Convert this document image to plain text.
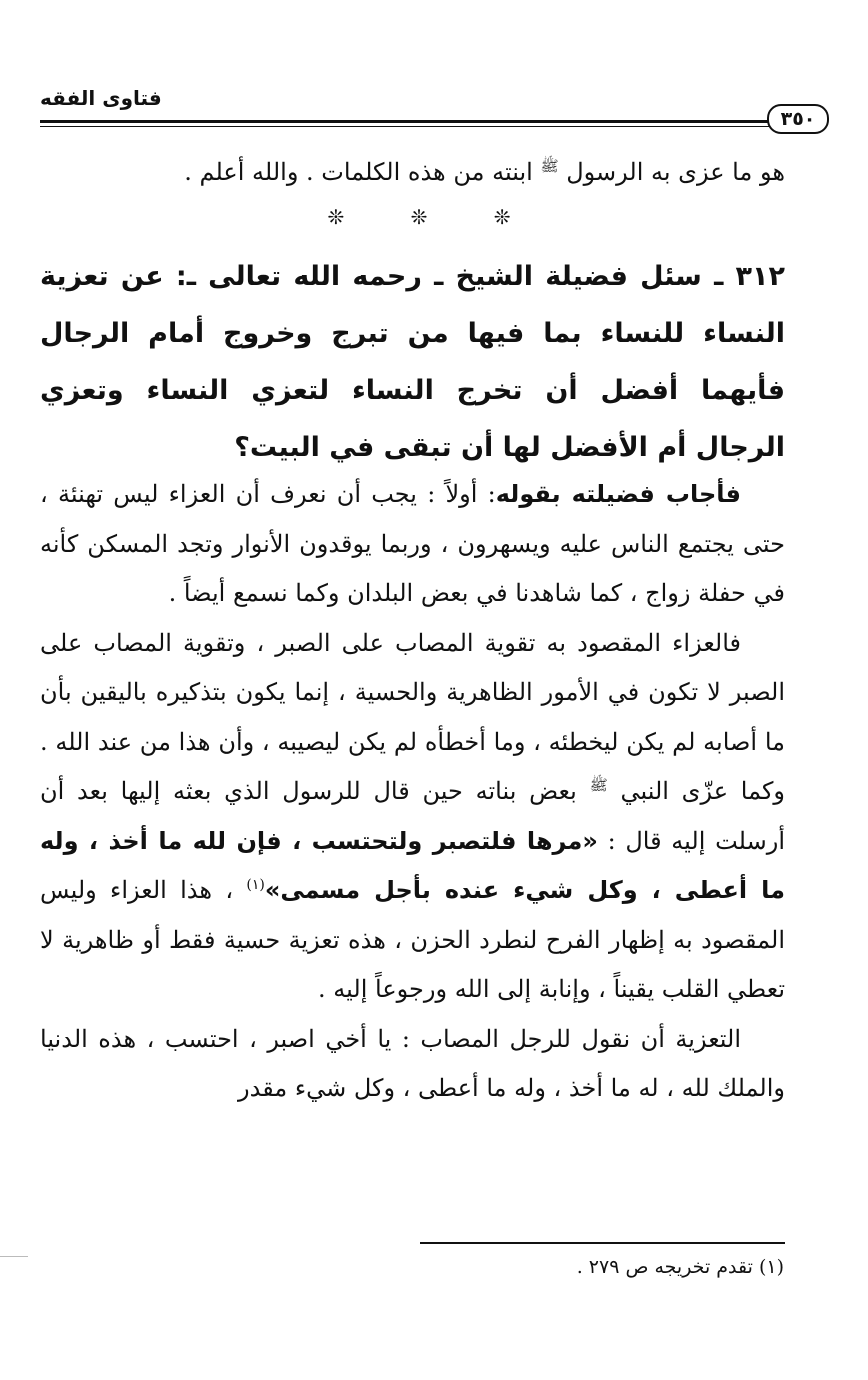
فتاوى الفقه
٣٥٠
هو ما عزى به الرسول $^ﷺ$ ابنته من هذه الكلمات . والله أعلم .
❊ ❊ ❊
٣١٢ ـ سئل فضيلة الشيخ ـ رحمه الله تعالى ـ: عن تعزية النساء للنساء بما فيها من تبرج وخروج أمام الرجال فأيهما أفضل أن تخرج النساء لتعزي النساء وتعزي الرجال أم الأفضل لها أن تبقى في البيت؟

فأجاب فضيلته بقوله: أولاً : يجب أن نعرف أن العزاء ليس تهنئة ، حتى يجتمع الناس عليه ويسهرون ، وربما يوقدون الأنوار وتجد المسكن كأنه في حفلة زواج ، كما شاهدنا في بعض البلدان وكما نسمع أيضاً .

فالعزاء المقصود به تقوية المصاب على الصبر ، وتقوية المصاب على الصبر لا تكون في الأمور الظاهرية والحسية ، إنما يكون بتذكيره باليقين بأن ما أصابه لم يكن ليخطئه ، وما أخطأه لم يكن ليصيبه ، وأن هذا من عند الله . وكما عزّى النبي $^ﷺ$ بعض بناته حين قال للرسول الذي بعثه إليها بعد أن أرسلت إليه قال : «مرها فلتصبر ولتحتسب ، فإن لله ما أخذ ، وله ما أعطى ، وكل شيء عنده بأجل مسمى»$^{(١)}$ ، هذا العزاء وليس المقصود به إظهار الفرح لنطرد الحزن ، هذه تعزية حسية فقط أو ظاهرية لا تعطي القلب يقيناً ، وإنابة إلى الله ورجوعاً إليه .

التعزية أن نقول للرجل المصاب : يا أخي اصبر ، احتسب ، هذه الدنيا والملك لله ، له ما أخذ ، وله ما أعطى ، وكل شيء مقدر

(١) تقدم تخريجه ص ٢٧٩ .
